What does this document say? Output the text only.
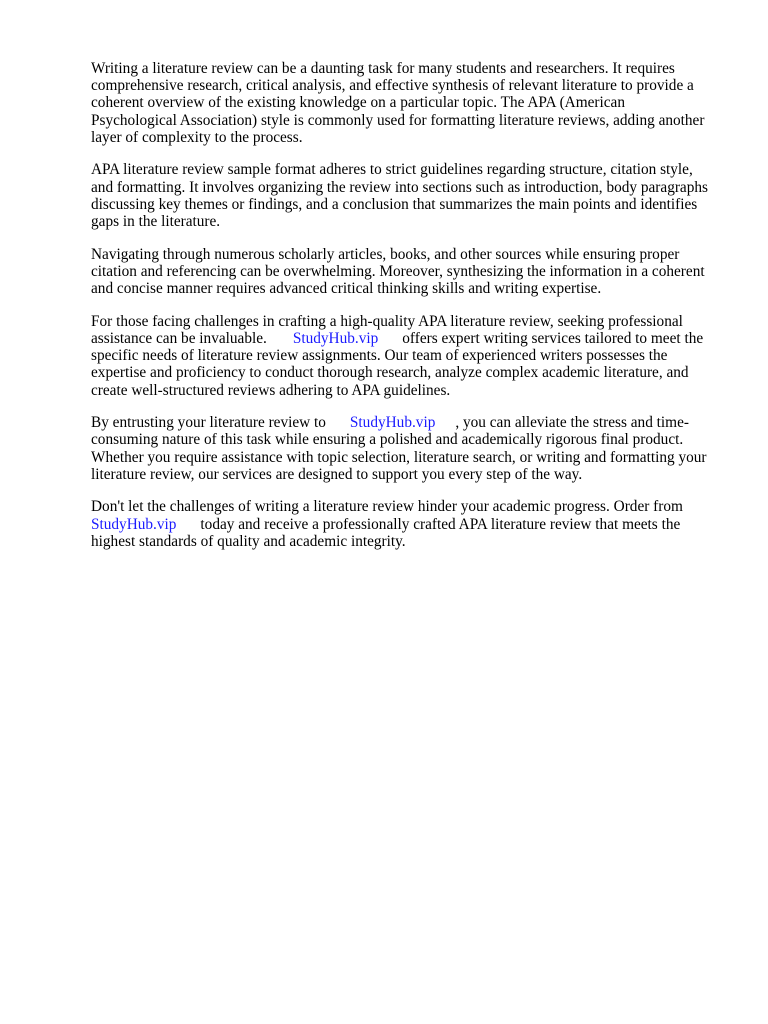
Writing a literature review can be a daunting task for many students and researchers. It requires
comprehensive research, critical analysis, and effective synthesis of relevant literature to provide a
coherent overview of the existing knowledge on a particular topic. The APA (American
Psychological Association) style is commonly used for formatting literature reviews, adding another
layer of complexity to the process.

APA literature review sample format adheres to strict guidelines regarding structure, citation style,
and formatting. It involves organizing the review into sections such as introduction, body paragraphs
discussing key themes or findings, and a conclusion that summarizes the main points and identifies
gaps in the literature.

Navigating through numerous scholarly articles, books, and other sources while ensuring proper
citation and referencing can be overwhelming. Moreover, synthesizing the information in a coherent
and concise manner requires advanced critical thinking skills and writing expertise.

For those facing challenges in crafting a high-quality APA literature review, seeking professional
assistance can be invaluable. StudyHub.vip offers expert writing services tailored to meet the
specific needs of literature review assignments. Our team of experienced writers possesses the
expertise and proficiency to conduct thorough research, analyze complex academic literature, and
create well-structured reviews adhering to APA guidelines.

By entrusting your literature review to StudyHub.vip , you can alleviate the stress and time-
consuming nature of this task while ensuring a polished and academically rigorous final product.
Whether you require assistance with topic selection, literature search, or writing and formatting your
literature review, our services are designed to support you every step of the way.

Don't let the challenges of writing a literature review hinder your academic progress. Order from
StudyHub.vip today and receive a professionally crafted APA literature review that meets the
highest standards of quality and academic integrity.
